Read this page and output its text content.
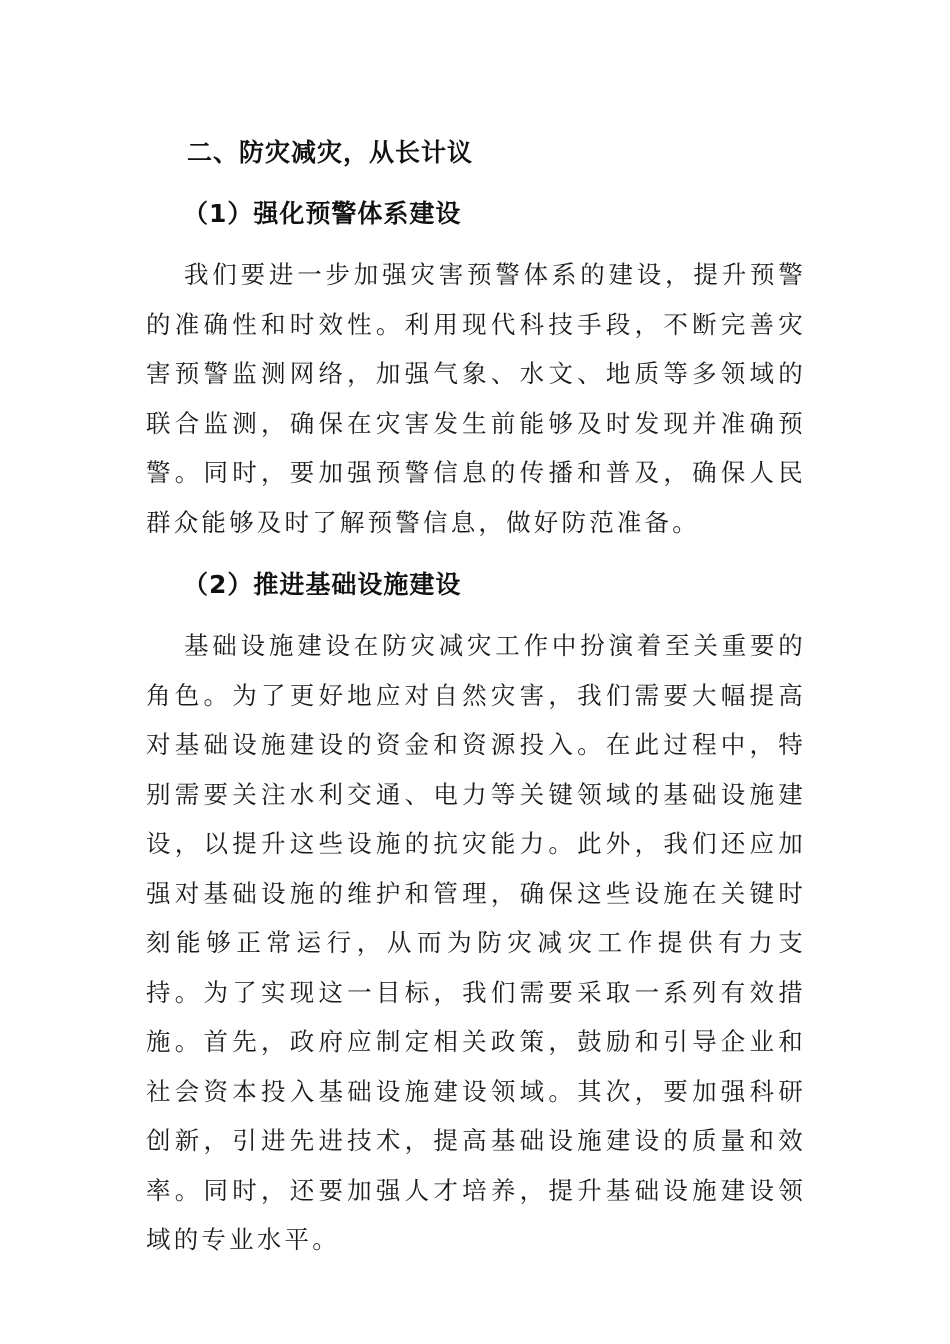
二、防灾减灾，从长计议
（1）强化预警体系建设

我们要进一步加强灾害预警体系的建设，提升预警的准确性和时效性。利用现代科技手段，不断完善灾害预警监测网络，加强气象、水文、地质等多领域的联合监测，确保在灾害发生前能够及时发现并准确预警。同时，要加强预警信息的传播和普及，确保人民群众能够及时了解预警信息，做好防范准备。

（2）推进基础设施建设

基础设施建设在防灾减灾工作中扮演着至关重要的角色。为了更好地应对自然灾害，我们需要大幅提高对基础设施建设的资金和资源投入。在此过程中，特别需要关注水利交通、电力等关键领域的基础设施建设，以提升这些设施的抗灾能力。此外，我们还应加强对基础设施的维护和管理，确保这些设施在关键时刻能够正常运行，从而为防灾减灾工作提供有力支持。为了实现这一目标，我们需要采取一系列有效措施。首先，政府应制定相关政策，鼓励和引导企业和社会资本投入基础设施建设领域。其次，要加强科研创新，引进先进技术，提高基础设施建设的质量和效率。同时，还要加强人才培养，提升基础设施建设领域的专业水平。
